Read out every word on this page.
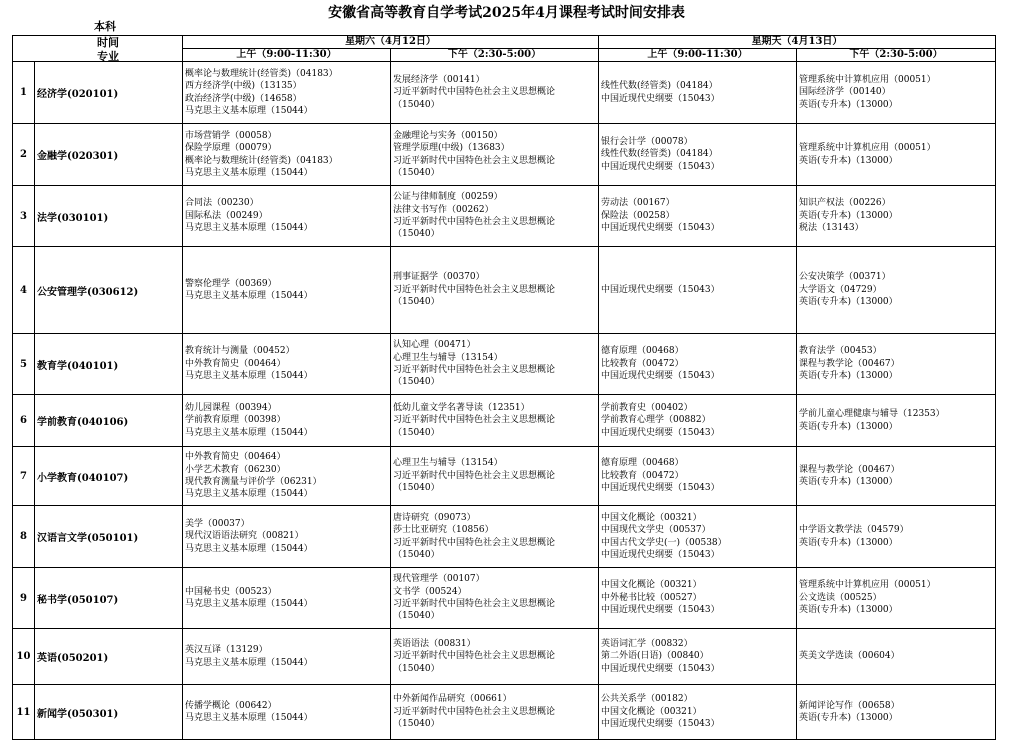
安徽省高等教育自学考试2025年4月课程考试时间安排表
		星期六（4月12日）		星期天（4月13日）	
		上午（9:00-11:30）	下午（2:30-5:00）	上午（9:00-11:30）	下午（2:30-5:00）
1	经济学(020101)	概率论与数理统计(经管类)（04183）
西方经济学(中级)（13135）
政治经济学(中级)（14658）
马克思主义基本原理（15044）	发展经济学（00141）
习近平新时代中国特色社会主义思想概论
（15040）	线性代数(经管类)（04184）
中国近现代史纲要（15043）	管理系统中计算机应用（00051）
国际经济学（00140）
英语(专升本)（13000）

2	金融学(020301)	市场营销学（00058）
保险学原理（00079）
概率论与数理统计(经管类)（04183）
马克思主义基本原理（15044）	金融理论与实务（00150）
管理学原理(中级)（13683）
习近平新时代中国特色社会主义思想概论
（15040）	银行会计学（00078）
线性代数(经管类)（04184）
中国近现代史纲要（15043）	管理系统中计算机应用（00051）
英语(专升本)（13000）

3	法学(030101)	合同法（00230）
国际私法（00249）
马克思主义基本原理（15044）	公证与律师制度（00259）
法律文书写作（00262）
习近平新时代中国特色社会主义思想概论
（15040）	劳动法（00167）
保险法（00258）
中国近现代史纲要（15043）	知识产权法（00226）
英语(专升本)（13000）
税法（13143）

4	公安管理学(030612)	警察伦理学（00369）
马克思主义基本原理（15044）	刑事证据学（00370）
习近平新时代中国特色社会主义思想概论
（15040）	中国近现代史纲要（15043）	公安决策学（00371）
大学语文（04729）
英语(专升本)（13000）

5	教育学(040101)	教育统计与测量（00452）
中外教育简史（00464）
马克思主义基本原理（15044）	认知心理（00471）
心理卫生与辅导（13154）
习近平新时代中国特色社会主义思想概论
（15040）	德育原理（00468）
比较教育（00472）
中国近现代史纲要（15043）	教育法学（00453）
课程与教学论（00467）
英语(专升本)（13000）

6	学前教育(040106)	幼儿园课程（00394）
学前教育原理（00398）
马克思主义基本原理（15044）	低幼儿童文学名著导读（12351）
习近平新时代中国特色社会主义思想概论
（15040）	学前教育史（00402）
学前教育心理学（00882）
中国近现代史纲要（15043）	学前儿童心理健康与辅导（12353）
英语(专升本)（13000）

7	小学教育(040107)	中外教育简史（00464）
小学艺术教育（06230）
现代教育测量与评价学（06231）
马克思主义基本原理（15044）	心理卫生与辅导（13154）
习近平新时代中国特色社会主义思想概论
（15040）	德育原理（00468）
比较教育（00472）
中国近现代史纲要（15043）	课程与教学论（00467）
英语(专升本)（13000）

8	汉语言文学(050101)	美学（00037）
现代汉语语法研究（00821）
马克思主义基本原理（15044）	唐诗研究（09073）
莎士比亚研究（10856）
习近平新时代中国特色社会主义思想概论
（15040）	中国文化概论（00321）
中国现代文学史（00537）
中国古代文学史(一)（00538）
中国近现代史纲要（15043）	中学语文教学法（04579）
英语(专升本)（13000）

9	秘书学(050107)	中国秘书史（00523）
马克思主义基本原理（15044）	现代管理学（00107）
文书学（00524）
习近平新时代中国特色社会主义思想概论
（15040）	中国文化概论（00321）
中外秘书比较（00527）
中国近现代史纲要（15043）	管理系统中计算机应用（00051）
公文选读（00525）
英语(专升本)（13000）

10	英语(050201)	英汉互译（13129）
马克思主义基本原理（15044）	英语语法（00831）
习近平新时代中国特色社会主义思想概论
（15040）	英语词汇学（00832）
第二外语(日语)（00840）
中国近现代史纲要（15043）	英美文学选读（00604）

11	新闻学(050301)	传播学概论（00642）
马克思主义基本原理（15044）	中外新闻作品研究（00661）
习近平新时代中国特色社会主义思想概论
（15040）	公共关系学（00182）
中国文化概论（00321）
中国近现代史纲要（15043）	新闻评论写作（00658）
英语(专升本)（13000）
本科
时间
专业
